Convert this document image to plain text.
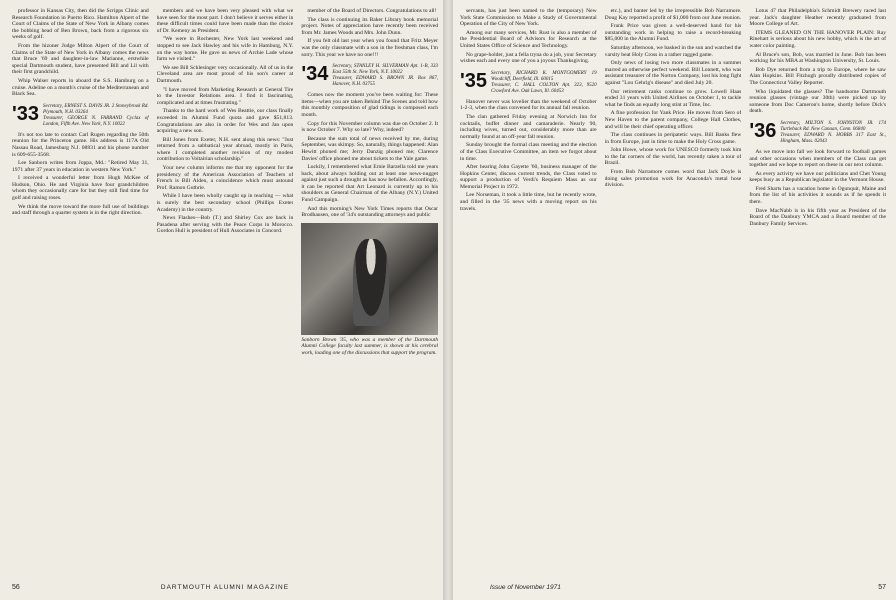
professor in Kansas City, then did the Scripps Clinic and Research Foundation in Puerto Rico. Hamilton Alpert of the Court of Claims of the State of New York in Albany comes the bobbing head of Ben Brown, back from a rigorous six weeks of golf.

From the hizoner Judge Milton Alpert of the Court of Claims of the State of New York in Albany comes the news that Bruce '69 and daughter-in-law Marianne, erstwhile special Dartmouth student, have presented Bill and Lil with their first grandchild.

Whip Walser reports in aboard the S.S. Hamburg on a cruise. Adeline on a month's cruise of the Mediterranean and Black Sea.

'33 Secretary, ERNEST S. DAVIS JR. 2 Stoneybrook Rd. Plymouth, N.H. 03264
Treasurer, GEORGE N. FARRAND Cyclax of London, Fifth Ave. New York, N.Y. 10022

It's not too late to contact Carl Rugen regarding the 50th reunion for the Princeton game. His address is 117A Old Nassau Road, Jamesburg N.J. 08831 and his phone number is 609-655-3568.

Lee Sanborn writes from Joppa, Md.: "Retired May 31, 1971 after 37 years in education in western New York."

I received a wonderful letter from Hugh McKee of Hudson, Ohio. He and Virginia have four grandchildren whom they occasionally care for but they still find time for golf and raising roses.

We think the move toward the more full use of buildings and staff through a quarter system is in the right direction.

members and we have been very pleased with what we have seen for the most part. I don't believe it serves either in these difficult times could have been made than the choice of Dr. Kemeny as President.

"We were in Rochester, New York last weekend and stopped to see Jack Hawley and his wife in Hamburg, N.Y. on the way home. He gave us news of Archie Lade whose farm we visited."

We see Bill Schlesinger very occasionally. All of us in the Cleveland area are most proud of his son's career at Dartmouth.

"I have moved from Marketing Research at General Tire to the Investor Relations area. I find it fascinating, complicated and at times frustrating."

Thanks to the hard work of Wes Beattie, our class finally exceeded its Alumni Fund quota and gave $51,813. Congratulations are also in order for Wes and Jan upon acquiring a new son.

Bill Jones from Exeter, N.H. sent along this news: "Just returned from a sabbatical year abroad, mostly in Paris, where I completed another revision of my modest contribution to Voltairian scholarship."

Your new column informs me that my opponent for the presidency of the American Association of Teachers of French is Bill Alden, a coincidence which must astound Prof. Ramon Guthrie.

While I have been wholly caught up in teaching — what is surely the best secondary school (Phillips Exeter Academy) in the country.

News Flashes—Bob (T.) and Shirley Cox are back in Pasadena after serving with the Peace Corps in Morocco. Gordon Hull is president of Hull Associates in Concord.

member of the Board of Directors. Congratulations to all!

The class is continuing its Baker Library book memorial project. Notes of appreciation have recently been received from Mr. James Woods and Mrs. John Dunn.

If you felt old last year when you found that Fritz Meyer was the only classmate with a son in the freshman class, I'm sorry. This year we have no one!!!

'34 Secretary, STANLEY H. SILVERMAN Apt. 1-B, 333 East 55th St. New York, N.Y. 10022
Treasurer, EDWARD S. BROWN JR. Box 867, Hanover, N.H. 03755

Comes now the moment you've been waiting for: These items—when you are taken Behind The Scenes and told how this monthly composition of glad tidings is composed each month.

Copy for this November column was due on October 2. It is now October 7. Why so late? Why, indeed?

Because the sum total of news received by me, during September, was skimpy. So, naturally, things happened: Alan Hewitt phoned me; Jerry Danzig phoned me; Clarence Davies' office phoned me about tickets to the Yale game.

Luckily, I remembered what Ernie Barzella told me years back, about always holding out at least one news-nugget against just such a drought as has now befallen. Accordingly, it can be reported that Art Leonard is currently up to his shoulders as General Chairman of the Albany (N.Y.) United Fund Campaign.

And this morning's New York Times reports that Oscar Brodhausen, one of '34's outstanding attorneys and public

Sanborn Brown '35, who was a member of the Dartmouth Alumni College faculty last summer, is shown at his cerebral work, loading one of the discussions that support the program.
56	DARTMOUTH ALUMNI MAGAZINE

servants, has just been named to the (temporary) New York State Commission to Make a Study of Governmental Operation of the City of New York.

Among our many services, Mr. Rust is also a member of the Presidential Board of Advisors for Research at the United States Office of Science and Technology.

No grape-holder, just a fella tryna do a job, your Secretary wishes each and every one of you a joyous Thanksgiving.

'35 Secretary, RICHARD K. MONTGOMERY 19 Woodcliff, Deerfield, Ill. 60015
Treasurer, C. HALL COLTON Apt. 323, 9520 Crawford Ave. Oak Lawn, Ill. 60453

Hanover never was lovelier than the weekend of October 1-2-3, when the class convened for its annual fall reunion.

The clan gathered Friday evening at Norwich Inn for cocktails, buffet dinner and camaraderie. Nearly 90, including wives, turned out, considerably more than are normally found at an off-year fall reunion.

Sunday brought the formal class meeting and the election of the Class Executive Committee, an item we forgot about in time.

After hearing John Gayette '60, business manager of the Hopkins Center, discuss current trends, the Class voted to support a production of Verdi's Requiem Mass as our Memorial Project in 1972.

Lee Norseman, it took a little time, but he recently wrote, and filled in the '35 news with a moving report on his travels.

etc.), and banter led by the irrepressible Bob Narramore. Doug Kay reported a profit of $1,000 from our June reunion.

Frank Price was given a well-deserved hand for his outstanding work in helping to raise a record-breaking $85,000 in the Alumni Fund.

Saturday afternoon, we basked in the sun and watched the varsity beat Holy Cross in a rather ragged game.

Only news of losing two more classmates in a summer marred an otherwise perfect weekend. Bill Lonnett, who was assistant treasurer of the Norton Company, lost his long fight against "Lou Gehrig's disease" and died July 20.

Our retirement ranks continue to grow. Lowell Haas ended 31 years with United Airlines on October 1, to tackle what he finds an equally long stint at Time, Inc.

A fine profession for Yank Price. He moves from Sero of New Haven to the parent company, College Hall Clothes, and will be their chief operating officer.

The class continues in peripatetic ways. Bill Banks flew in from Europe, just in time to make the Holy Cross game.

John Howe, whose work for UNESCO formerly took him to the far corners of the world, has recently taken a tour of Brazil.

From Bob Narramore comes word that Jack Doyle is doing sales promotion work for Anaconda's metal hose division.

Lotus 47 that Philadelphia's Schmidt Brewery raced last year. Jack's daughter Heather recently graduated from Moore College of Art.

ITEMS GLEANED ON THE HANOVER PLAIN: Ray Rinehart is serious about his new hobby, which is the art of water color painting.

Al Bruce's son, Bob, was married in June. Bob has been working for his MBA at Washington University, St. Louis.

Bob Dye returned from a trip to Europe, where he saw Alan Hopkins. Bill Fitzhugh proudly distributed copies of The Connecticut Valley Reporter.

Who liquidated the glasses? The handsome Dartmouth reunion glasses (vintage our 30th) were picked up by someone from Doc Cameron's home, shortly before Dick's death.

'36 Secretary, MILTON S. JOHNSTON JR. 174 Turtleback Rd. New Canaan, Conn. 06840
Treasurer, EDWARD N. HOBBS 317 East St., Hingham, Mass. 02043

As we move into fall we look forward to football games and other occasions when members of the Class can get together and we hope to report on these in our next column.

As every activity we have our politicians and Chet Young keeps busy as a Republican legislator in the Vermont House.

Fred Sharts has a vacation home in Ogunquit, Maine and from the list of his activities it sounds as if he spends it there.

Dave MacNabb is in his fifth year as President of the Board of the Danbury YMCA and a Board member of the Danbury Family Services.

Issue of November 1971	57
